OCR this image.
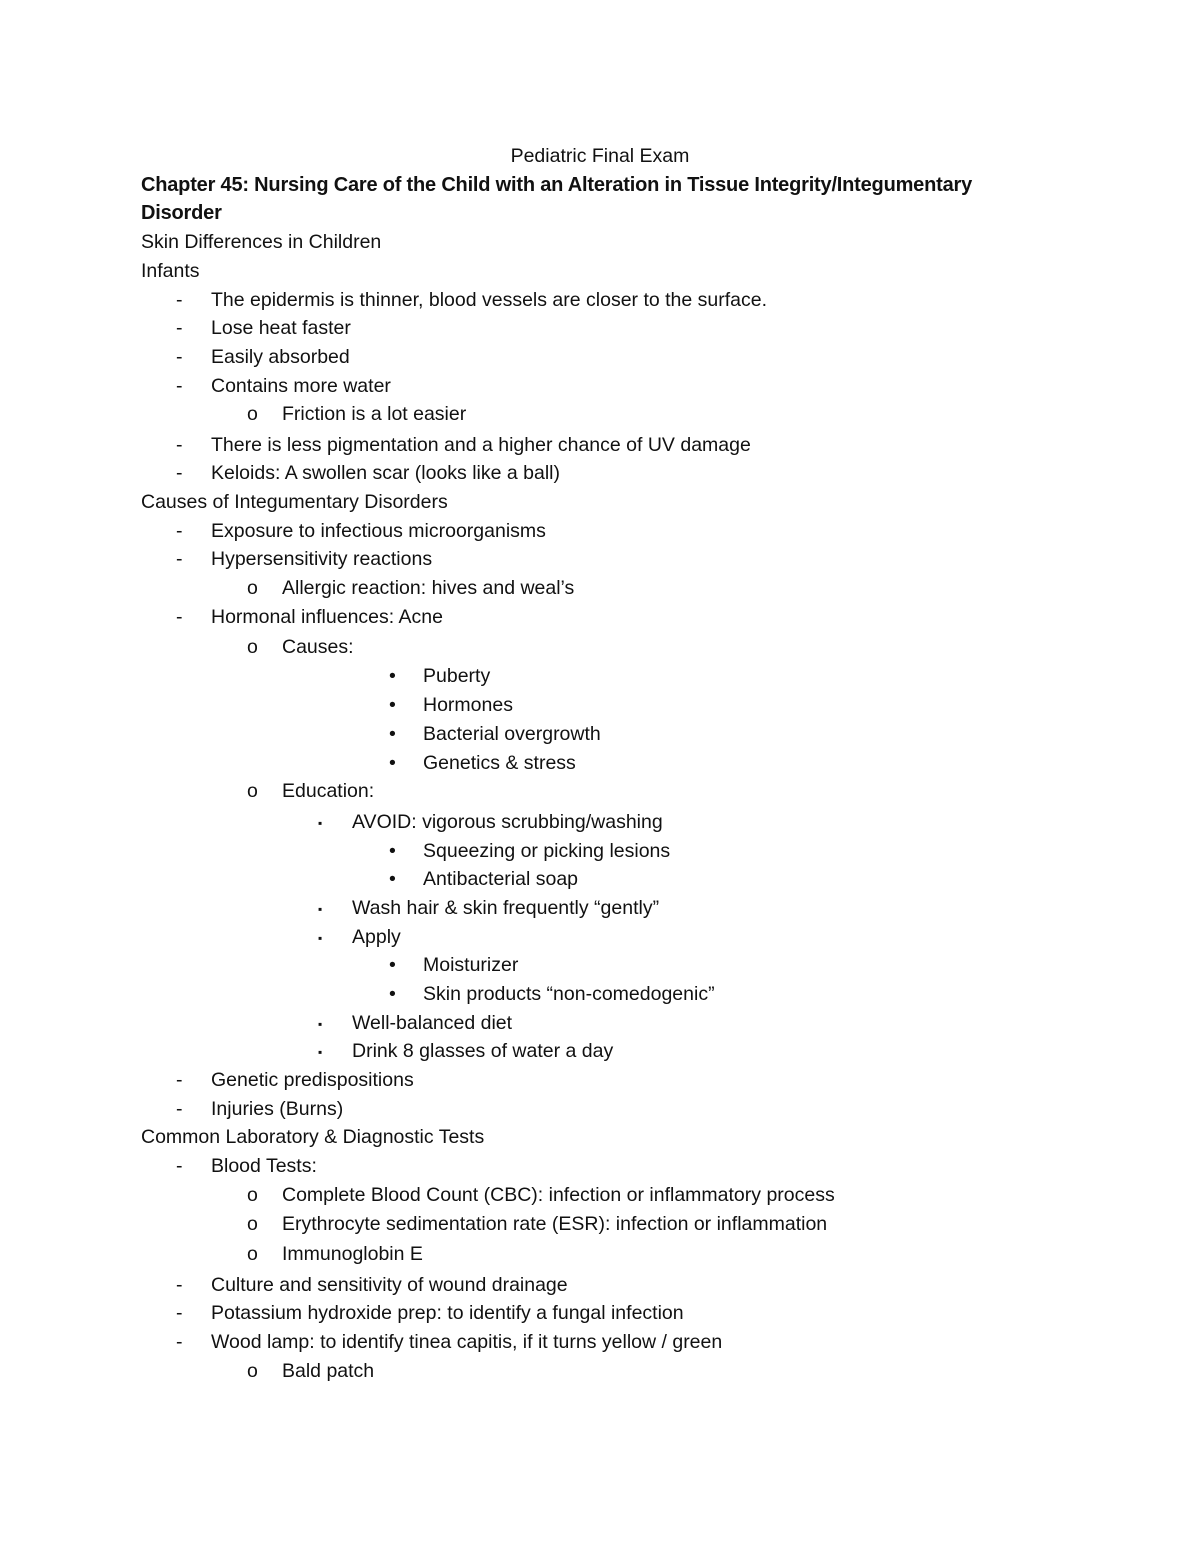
Pediatric Final Exam
Chapter 45: Nursing Care of the Child with an Alteration in Tissue Integrity/Integumentary
Disorder
Skin Differences in Children
Infants
- The epidermis is thinner, blood vessels are closer to the surface.
- Lose heat faster
- Easily absorbed
- Contains more water
o Friction is a lot easier
- There is less pigmentation and a higher chance of UV damage
- Keloids: A swollen scar (looks like a ball)
Causes of Integumentary Disorders
- Exposure to infectious microorganisms
- Hypersensitivity reactions
o Allergic reaction: hives and weal’s
- Hormonal influences: Acne
o Causes:
• Puberty
• Hormones
• Bacterial overgrowth
• Genetics & stress
o Education:
▪ AVOID: vigorous scrubbing/washing
• Squeezing or picking lesions
• Antibacterial soap
▪ Wash hair & skin frequently “gently”
▪ Apply
• Moisturizer
• Skin products “non-comedogenic”
▪ Well-balanced diet
▪ Drink 8 glasses of water a day
- Genetic predispositions
- Injuries (Burns)
Common Laboratory & Diagnostic Tests
- Blood Tests:
o Complete Blood Count (CBC): infection or inflammatory process
o Erythrocyte sedimentation rate (ESR): infection or inflammation
o Immunoglobin E
- Culture and sensitivity of wound drainage
- Potassium hydroxide prep: to identify a fungal infection
- Wood lamp: to identify tinea capitis, if it turns yellow / green
o Bald patch
